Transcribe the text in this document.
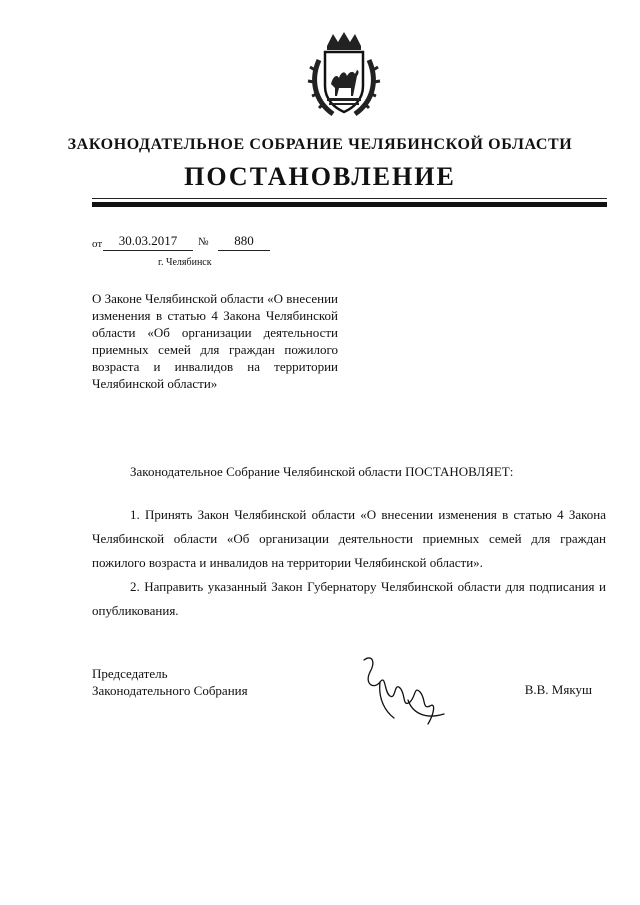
ЗАКОНОДАТЕЛЬНОЕ СОБРАНИЕ ЧЕЛЯБИНСКОЙ ОБЛАСТИ
ПОСТАНОВЛЕНИЕ
от	30.03.2017	№	880
г. Челябинск
О Законе Челябинской области «О внесении изменения в статью 4 Закона Челябинской области «Об организации деятельности приемных семей для граждан пожилого возраста и инвалидов на территории Челябинской области»
Законодательное Собрание Челябинской области ПОСТАНОВЛЯЕТ:
1. Принять Закон Челябинской области «О внесении изменения в статью 4 Закона Челябинской области «Об организации деятельности приемных семей для граждан пожилого возраста и инвалидов на территории Челябинской области».
2. Направить указанный Закон Губернатору Челябинской области для подписания и опубликования.
Председатель
Законодательного Собрания	В.В. Мякуш
